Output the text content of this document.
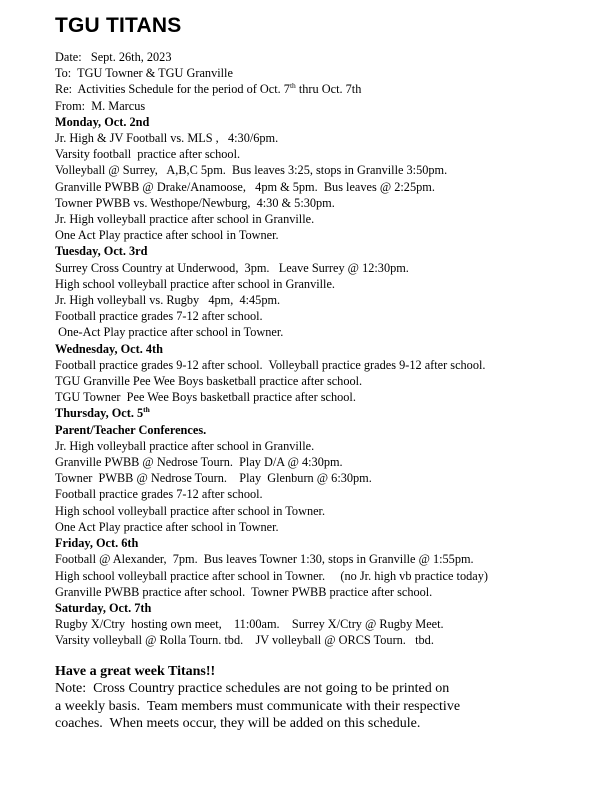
TGU TITANS
Date:   Sept. 26th, 2023
To:  TGU Towner & TGU Granville
Re:  Activities Schedule for the period of Oct. 7th thru Oct. 7th
From:  M. Marcus
Monday, Oct. 2nd
Jr. High & JV Football vs. MLS ,   4:30/6pm.
Varsity football  practice after school.
Volleyball @ Surrey,   A,B,C 5pm.  Bus leaves 3:25, stops in Granville 3:50pm.
Granville PWBB @ Drake/Anamoose,   4pm & 5pm.  Bus leaves @ 2:25pm.
Towner PWBB vs. Westhope/Newburg,  4:30 & 5:30pm.
Jr. High volleyball practice after school in Granville.
One Act Play practice after school in Towner.
Tuesday, Oct. 3rd
Surrey Cross Country at Underwood,  3pm.   Leave Surrey @ 12:30pm.
High school volleyball practice after school in Granville.
Jr. High volleyball vs. Rugby   4pm,  4:45pm.
Football practice grades 7-12 after school.
One-Act Play practice after school in Towner.
Wednesday, Oct. 4th
Football practice grades 9-12 after school.  Volleyball practice grades 9-12 after school.
TGU Granville Pee Wee Boys basketball practice after school.
TGU Towner  Pee Wee Boys basketball practice after school.
Thursday, Oct. 5th
Parent/Teacher Conferences.
Jr. High volleyball practice after school in Granville.
Granville PWBB @ Nedrose Tourn.  Play D/A @ 4:30pm.
Towner  PWBB @ Nedrose Tourn.    Play  Glenburn @ 6:30pm.
Football practice grades 7-12 after school.
High school volleyball practice after school in Towner.
One Act Play practice after school in Towner.
Friday, Oct. 6th
Football @ Alexander,  7pm.  Bus leaves Towner 1:30, stops in Granville @ 1:55pm.
High school volleyball practice after school in Towner.     (no Jr. high vb practice today)
Granville PWBB practice after school.  Towner PWBB practice after school.
Saturday, Oct. 7th
Rugby X/Ctry  hosting own meet,    11:00am.    Surrey X/Ctry @ Rugby Meet.
Varsity volleyball @ Rolla Tourn. tbd.    JV volleyball @ ORCS Tourn.   tbd.
Have a great week Titans!!
Note:  Cross Country practice schedules are not going to be printed on
a weekly basis.  Team members must communicate with their respective
coaches.  When meets occur, they will be added on this schedule.
